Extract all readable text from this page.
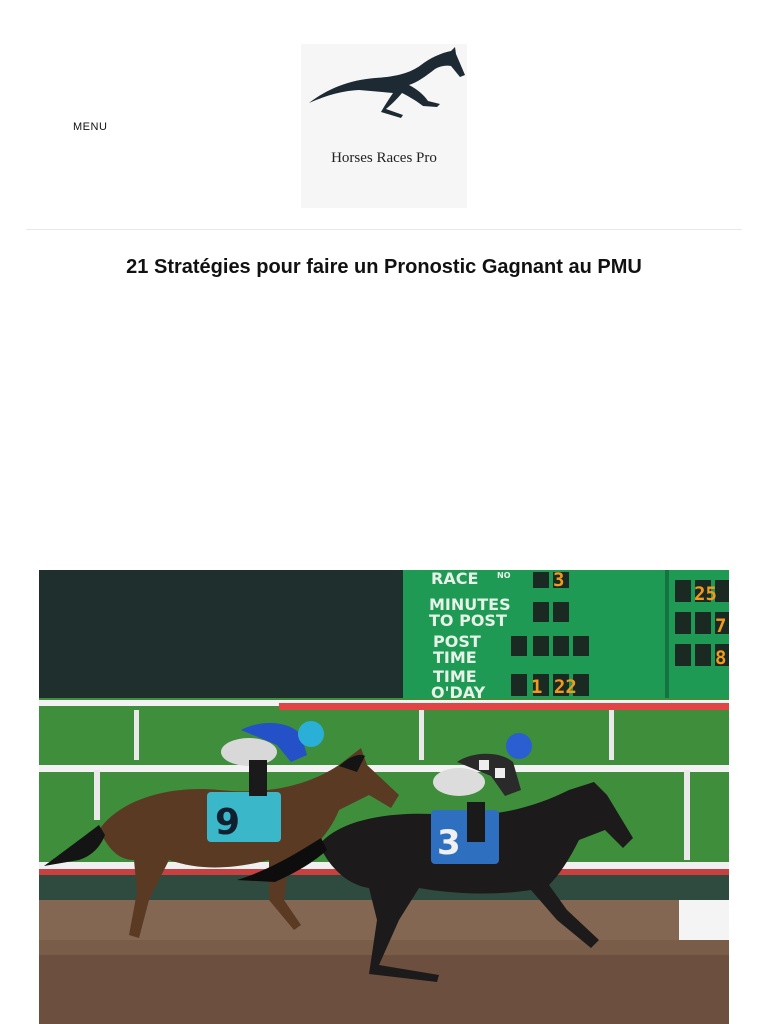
MENU
Horses Races Pro
21 Stratégies pour faire un Pronostic Gagnant au PMU
RACE NO
MINUTES
TO POST
POST
TIME
TIME
O'DAY
3
1 22
25
7
8
9	3
